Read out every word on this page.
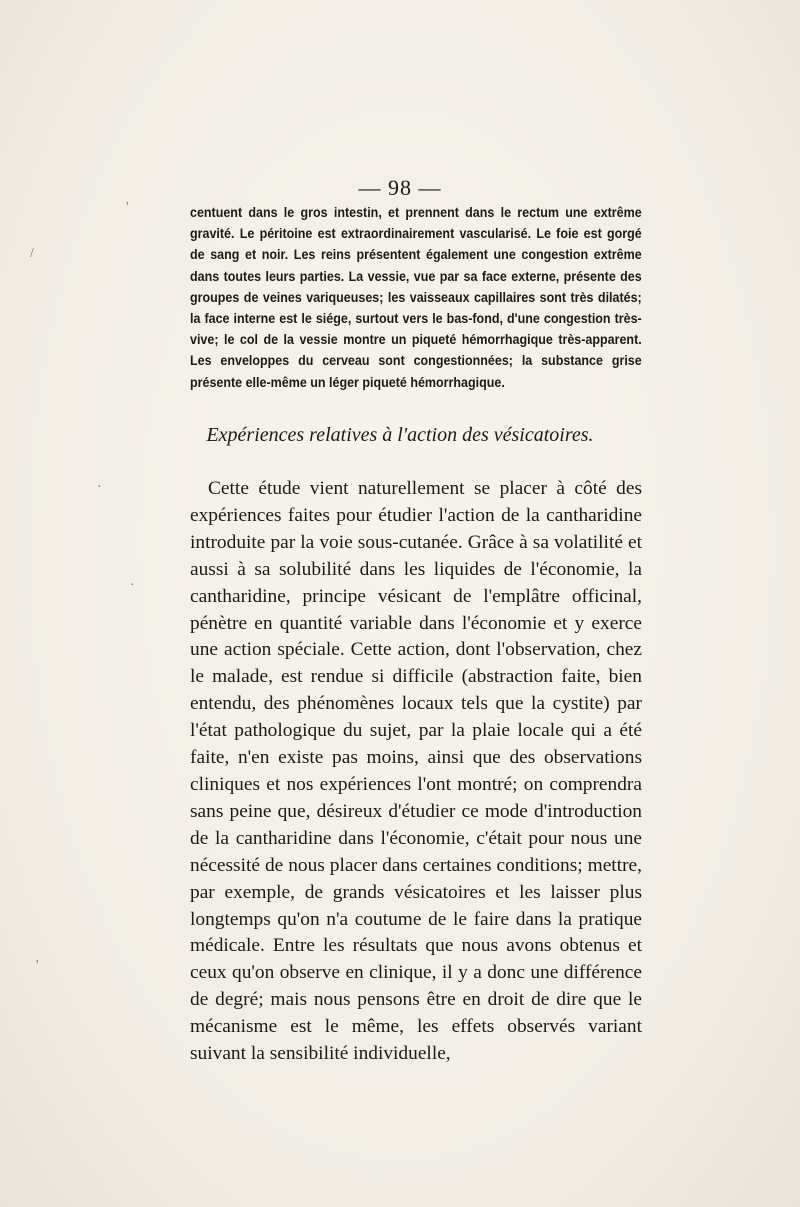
— 98 —
centuent dans le gros intestin, et prennent dans le rectum une extrême gravité. Le péritoine est extraordinairement vascularisé. Le foie est gorgé de sang et noir. Les reins présentent également une congestion extrême dans toutes leurs parties. La vessie, vue par sa face externe, présente des groupes de veines variqueuses; les vaisseaux capillaires sont très dilatés; la face interne est le siége, surtout vers le bas-fond, d'une congestion très-vive; le col de la vessie montre un piqueté hémorrhagique très-apparent. Les enveloppes du cerveau sont congestionnées; la substance grise présente elle-même un léger piqueté hémorrhagique.
Expériences relatives à l'action des vésicatoires.

Cette étude vient naturellement se placer à côté des expériences faites pour étudier l'action de la cantharidine introduite par la voie sous-cutanée. Grâce à sa volatilité et aussi à sa solubilité dans les liquides de l'économie, la cantharidine, principe vésicant de l'emplâtre officinal, pénètre en quantité variable dans l'économie et y exerce une action spéciale. Cette action, dont l'observation, chez le malade, est rendue si difficile (abstraction faite, bien entendu, des phénomènes locaux tels que la cystite) par l'état pathologique du sujet, par la plaie locale qui a été faite, n'en existe pas moins, ainsi que des observations cliniques et nos expériences l'ont montré; on comprendra sans peine que, désireux d'étudier ce mode d'introduction de la cantharidine dans l'économie, c'était pour nous une nécessité de nous placer dans certaines conditions; mettre, par exemple, de grands vésicatoires et les laisser plus longtemps qu'on n'a coutume de le faire dans la pratique médicale. Entre les résultats que nous avons obtenus et ceux qu'on observe en clinique, il y a donc une différence de degré; mais nous pensons être en droit de dire que le mécanisme est le même, les effets observés variant suivant la sensibilité individuelle,

'
/
·
·
'
